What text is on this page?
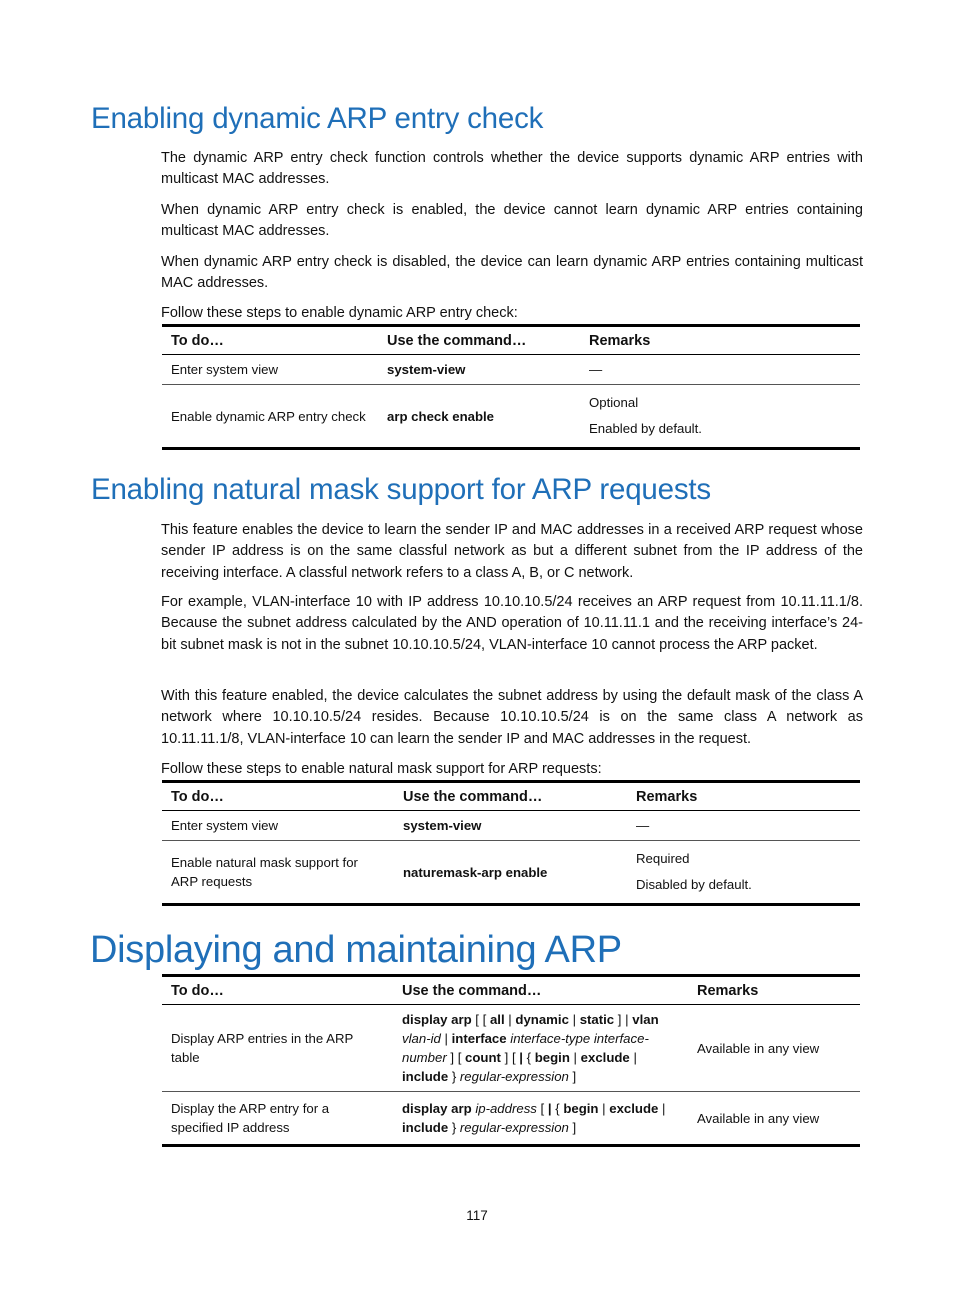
Enabling dynamic ARP entry check

The dynamic ARP entry check function controls whether the device supports dynamic ARP entries with multicast MAC addresses.

When dynamic ARP entry check is enabled, the device cannot learn dynamic ARP entries containing multicast MAC addresses.

When dynamic ARP entry check is disabled, the device can learn dynamic ARP entries containing multicast MAC addresses.

Follow these steps to enable dynamic ARP entry check:

To do…	Use the command…	Remarks
Enter system view	system-view	—
Enable dynamic ARP entry check	arp check enable	Optional
Enabled by default.
Enabling natural mask support for ARP requests

This feature enables the device to learn the sender IP and MAC addresses in a received ARP request whose sender IP address is on the same classful network as but a different subnet from the IP address of the receiving interface. A classful network refers to a class A, B, or C network.

For example, VLAN-interface 10 with IP address 10.10.10.5/24 receives an ARP request from 10.11.11.1/8. Because the subnet address calculated by the AND operation of 10.11.11.1 and the receiving interface’s 24-bit subnet mask is not in the subnet 10.10.10.5/24, VLAN-interface 10 cannot process the ARP packet.

With this feature enabled, the device calculates the subnet address by using the default mask of the class A network where 10.10.10.5/24 resides. Because 10.10.10.5/24 is on the same class A network as 10.11.11.1/8, VLAN-interface 10 can learn the sender IP and MAC addresses in the request.

Follow these steps to enable natural mask support for ARP requests:

To do…	Use the command…	Remarks
Enter system view	system-view	—
Enable natural mask support for ARP requests	naturemask-arp enable	Required
Disabled by default.
Displaying and maintaining ARP
To do…	Use the command…	Remarks
Display ARP entries in the ARP table	display arp [ [ all | dynamic | static ] | vlan vlan-id | interface interface-type interface-number ] [ count ] [ | { begin | exclude | include } regular-expression ]	Available in any view
Display the ARP entry for a specified IP address	display arp ip-address [ | { begin | exclude | include } regular-expression ]	Available in any view

117
